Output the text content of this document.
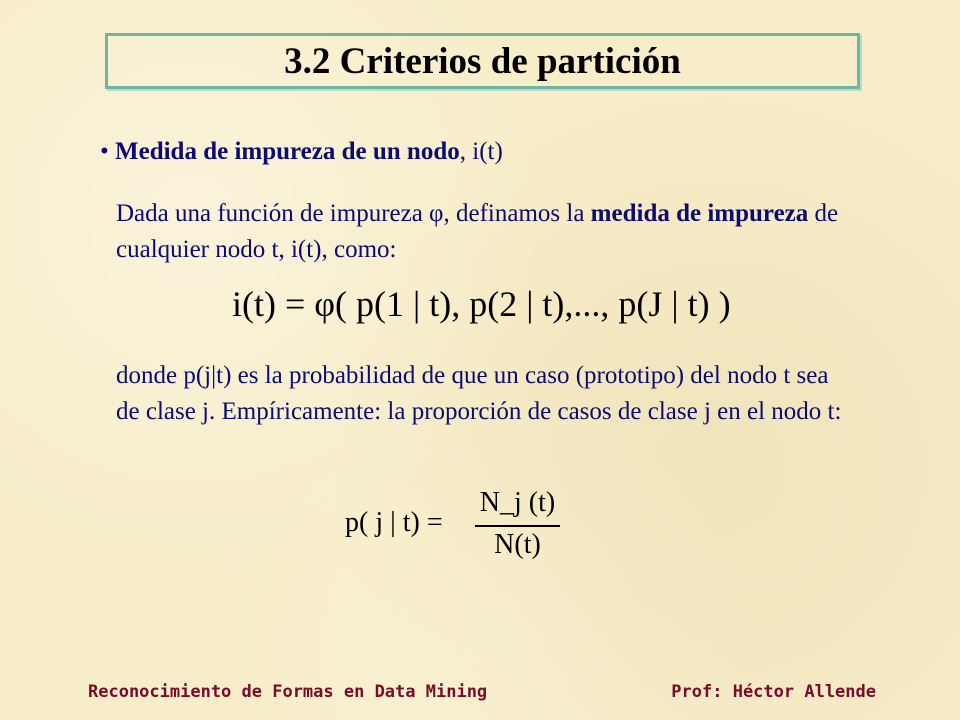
3.2 Criterios de partición
• Medida de impureza de un nodo, i(t)
Dada una función de impureza φ, definamos la medida de impureza de cualquier nodo t, i(t), como:
i(t) = φ( p(1 | t), p(2 | t),..., p(J | t) )
donde p(j|t) es la probabilidad de que un caso (prototipo) del nodo t sea de clase j. Empíricamente: la proporción de casos de clase j en el nodo t:
p( j | t) =
N_j (t)
N(t)
Reconocimiento de Formas en Data Mining	Prof: Héctor Allende
